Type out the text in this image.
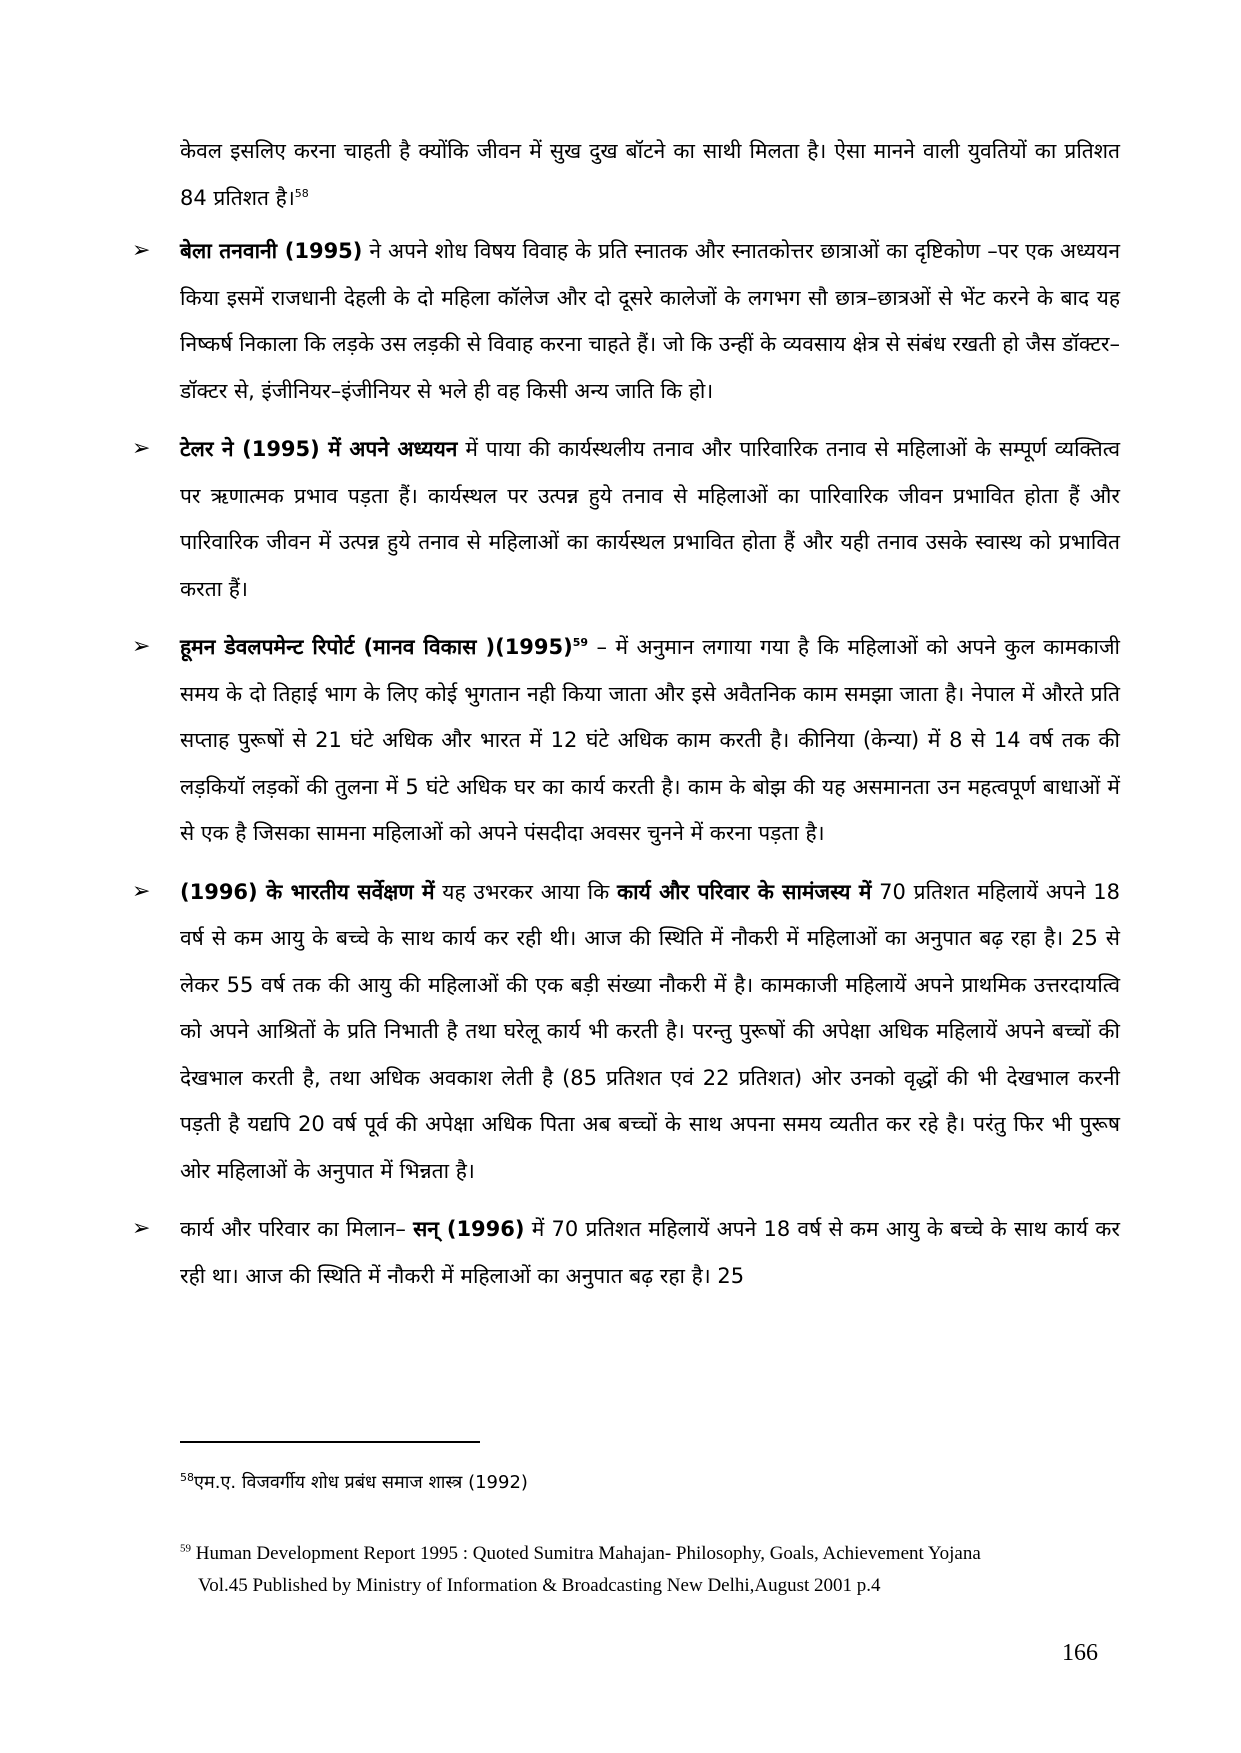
केवल इसलिए करना चाहती है क्योंकि जीवन में सुख दुख बॉटने का साथी मिलता है। ऐसा मानने वाली युवतियों का प्रतिशत 84 प्रतिशत है।$^{58}$
➢ बेला तनवानी (1995) ने अपने शोध विषय विवाह के प्रति स्नातक और स्नातकोत्तर छात्राओं का दृष्टिकोण –पर एक अध्ययन किया इसमें राजधानी देहली के दो महिला कॉलेज और दो दूसरे कालेजों के लगभग सौ छात्र–छात्रओं से भेंट करने के बाद यह निष्कर्ष निकाला कि लड़के उस लड़की से विवाह करना चाहते हैं। जो कि उन्हीं के व्यवसाय क्षेत्र से संबंध रखती हो जैस डॉक्टर–डॉक्टर से, इंजीनियर–इंजीनियर से भले ही वह किसी अन्य जाति कि हो।
➢ टेलर ने (1995) में अपने अध्ययन में पाया की कार्यस्थलीय तनाव और पारिवारिक तनाव से महिलाओं के सम्पूर्ण व्यक्तित्व पर ऋणात्मक प्रभाव पड़ता हैं। कार्यस्थल पर उत्पन्न हुये तनाव से महिलाओं का पारिवारिक जीवन प्रभावित होता हैं और पारिवारिक जीवन में उत्पन्न हुये तनाव से महिलाओं का कार्यस्थल प्रभावित होता हैं और यही तनाव उसके स्वास्थ को प्रभावित करता हैं।
➢ हूमन डेवलपमेन्ट रिपोर्ट (मानव विकास )$(1995)^{59}$ – में अनुमान लगाया गया है कि महिलाओं को अपने कुल कामकाजी समय के दो तिहाई भाग के लिए कोई भुगतान नही किया जाता और इसे अवैतनिक काम समझा जाता है। नेपाल में औरते प्रति सप्ताह पुरूषों से 21 घंटे अधिक और भारत में 12 घंटे अधिक काम करती है। कीनिया (केन्या) में 8 से 14 वर्ष तक की लड़कियॉ लड़कों की तुलना में 5 घंटे अधिक घर का कार्य करती है। काम के बोझ की यह असमानता उन महत्वपूर्ण बाधाओं में से एक है जिसका सामना महिलाओं को अपने पंसदीदा अवसर चुनने में करना पड़ता है।
➢ (1996) के भारतीय सर्वेक्षण में यह उभरकर आया कि कार्य और परिवार के सामंजस्य में 70 प्रतिशत महिलायें अपने 18 वर्ष से कम आयु के बच्चे के साथ कार्य कर रही थी। आज की स्थिति में नौकरी में महिलाओं का अनुपात बढ़ रहा है। 25 से लेकर 55 वर्ष तक की आयु की महिलाओं की एक बड़ी संख्या नौकरी में है। कामकाजी महिलायें अपने प्राथमिक उत्तरदायत्वि को अपने आश्रितों के प्रति निभाती है तथा घरेलू कार्य भी करती है। परन्तु पुरूषों की अपेक्षा अधिक महिलायें अपने बच्चों की देखभाल करती है, तथा अधिक अवकाश लेती है (85 प्रतिशत एवं 22 प्रतिशत) ओर उनको वृद्धों की भी देखभाल करनी पड़ती है यद्यपि 20 वर्ष पूर्व की अपेक्षा अधिक पिता अब बच्चों के साथ अपना समय व्यतीत कर रहे है। परंतु फिर भी पुरूष ओर महिलाओं के अनुपात में भिन्नता है।
➢ कार्य और परिवार का मिलान– सन् (1996) में 70 प्रतिशत महिलायें अपने 18 वर्ष से कम आयु के बच्चे के साथ कार्य कर रही था। आज की स्थिति में नौकरी में महिलाओं का अनुपात बढ़ रहा है। 25
$^{58}$एम.ए. विजवर्गीय शोध प्रबंध समाज शास्त्र (1992)
$^{59}$ Human Development Report 1995 : Quoted Sumitra Mahajan- Philosophy, Goals, Achievement Yojana
Vol.45 Published by Ministry of Information & Broadcasting New Delhi,August 2001 p.4
166
